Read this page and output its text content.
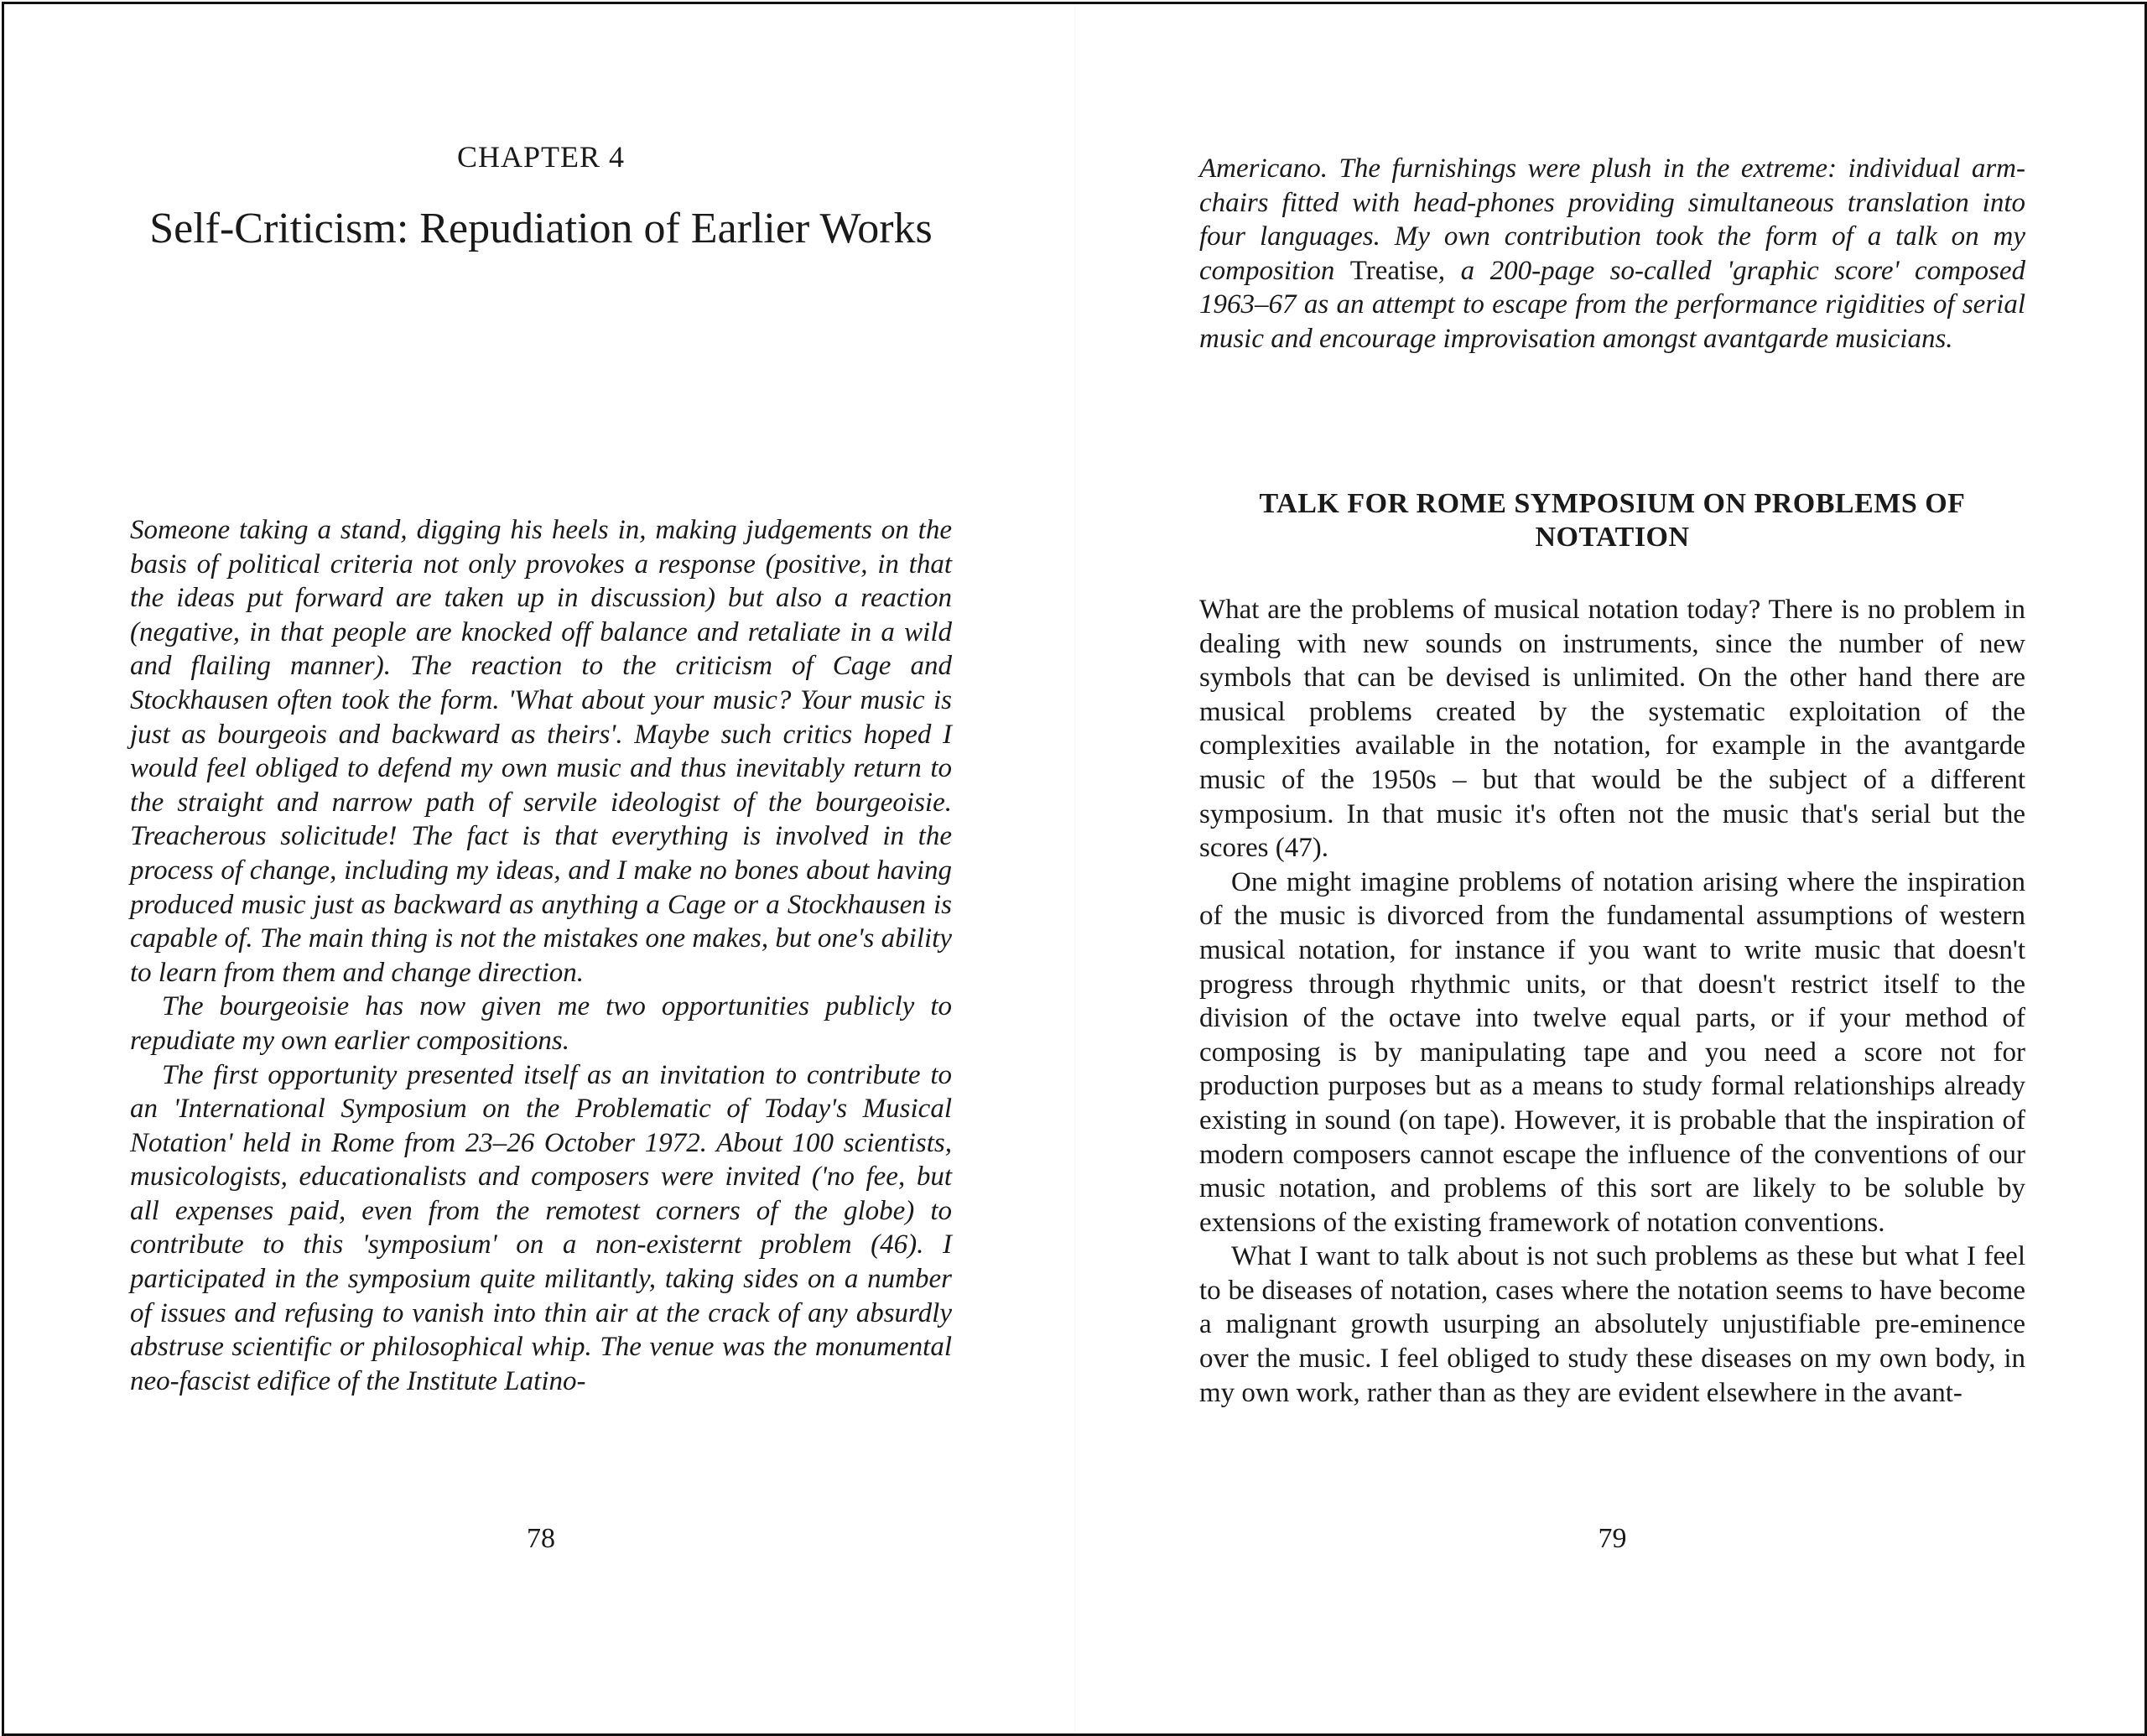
CHAPTER 4
Self-Criticism: Repudiation of Earlier Works

Someone taking a stand, digging his heels in, making judgements on the basis of political criteria not only provokes a response (positive, in that the ideas put forward are taken up in discussion) but also a reaction (negative, in that people are knocked off balance and retaliate in a wild and flailing manner). The reaction to the criticism of Cage and Stockhausen often took the form. 'What about your music? Your music is just as bourgeois and backward as theirs'. Maybe such critics hoped I would feel obliged to defend my own music and thus inevitably return to the straight and narrow path of servile ideologist of the bourgeoisie. Treacherous solicitude! The fact is that everything is involved in the process of change, including my ideas, and I make no bones about having produced music just as backward as anything a Cage or a Stockhausen is capable of. The main thing is not the mistakes one makes, but one's ability to learn from them and change direction.

The bourgeoisie has now given me two opportunities publicly to repudiate my own earlier compositions.

The first opportunity presented itself as an invitation to contribute to an 'International Symposium on the Problematic of Today's Musical Notation' held in Rome from 23–26 October 1972. About 100 scientists, musicologists, educationalists and composers were invited ('no fee, but all expenses paid, even from the remotest corners of the globe) to contribute to this 'symposium' on a non-existernt problem (46). I participated in the symposium quite militantly, taking sides on a number of issues and refusing to vanish into thin air at the crack of any absurdly abstruse scientific or philosophical whip. The venue was the monumental neo-fascist edifice of the Institute Latino-

78

Americano. The furnishings were plush in the extreme: individual arm-chairs fitted with head-phones providing simultaneous translation into four languages. My own contribution took the form of a talk on my composition Treatise, a 200-page so-called 'graphic score' composed 1963–67 as an attempt to escape from the performance rigidities of serial music and encourage improvisation amongst avantgarde musicians.

TALK FOR ROME SYMPOSIUM ON PROBLEMS OF NOTATION

What are the problems of musical notation today? There is no problem in dealing with new sounds on instruments, since the number of new symbols that can be devised is unlimited. On the other hand there are musical problems created by the systematic exploitation of the complexities available in the notation, for example in the avantgarde music of the 1950s – but that would be the subject of a different symposium. In that music it's often not the music that's serial but the scores (47).

One might imagine problems of notation arising where the inspiration of the music is divorced from the fundamental assumptions of western musical notation, for instance if you want to write music that doesn't progress through rhythmic units, or that doesn't restrict itself to the division of the octave into twelve equal parts, or if your method of composing is by manipulating tape and you need a score not for production purposes but as a means to study formal relationships already existing in sound (on tape). However, it is probable that the inspiration of modern composers cannot escape the influence of the conventions of our music notation, and problems of this sort are likely to be soluble by extensions of the existing framework of notation conventions.

What I want to talk about is not such problems as these but what I feel to be diseases of notation, cases where the notation seems to have become a malignant growth usurping an absolutely unjustifiable pre-eminence over the music. I feel obliged to study these diseases on my own body, in my own work, rather than as they are evident elsewhere in the avant-

79
